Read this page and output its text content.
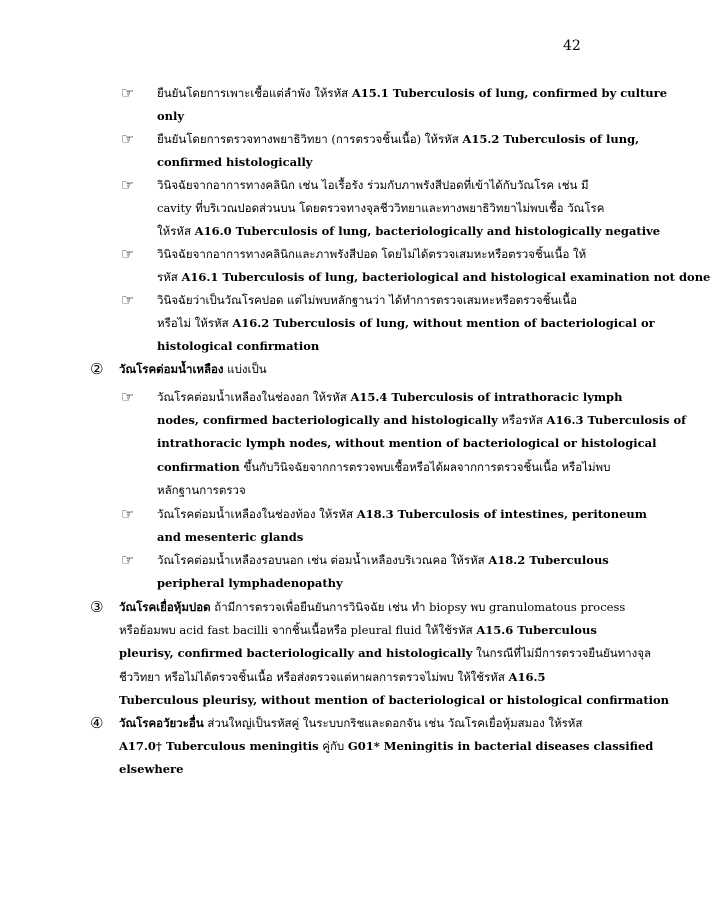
42
☞ ยืนยันโดยการเพาะเชื้อแต่ลำพัง ให้รหัส A15.1 Tuberculosis of lung, confirmed by culture
only
☞ ยืนยันโดยการตรวจทางพยาธิวิทยา (การตรวจชิ้นเนื้อ) ให้รหัส A15.2 Tuberculosis of lung,
confirmed histologically
☞ วินิจฉัยจากอาการทางคลินิก เช่น ไอเรื้อรัง ร่วมกับภาพรังสีปอดที่เข้าได้กับวัณโรค เช่น มี
cavity ที่บริเวณปอดส่วนบน โดยตรวจทางจุลชีววิทยาและทางพยาธิวิทยาไม่พบเชื้อ วัณโรค
ให้รหัส A16.0 Tuberculosis of lung, bacteriologically and histologically negative
☞ วินิจฉัยจากอาการทางคลินิกและภาพรังสีปอด โดยไม่ได้ตรวจเสมหะหรือตรวจชิ้นเนื้อ ให้
รหัส A16.1 Tuberculosis of lung, bacteriological and histological examination not done
☞ วินิจฉัยว่าเป็นวัณโรคปอด แต่ไม่พบหลักฐานว่า ได้ทำการตรวจเสมหะหรือตรวจชิ้นเนื้อ
หรือไม่ ให้รหัส A16.2 Tuberculosis of lung, without mention of bacteriological or
histological confirmation
② วัณโรคต่อมน้ำเหลือง แบ่งเป็น
☞ วัณโรคต่อมน้ำเหลืองในช่องอก ให้รหัส A15.4 Tuberculosis of intrathoracic lymph
nodes, confirmed bacteriologically and histologically หรือรหัส A16.3 Tuberculosis of
intrathoracic lymph nodes, without mention of bacteriological or histological
confirmation ขึ้นกับวินิจฉัยจากการตรวจพบเชื้อหรือได้ผลจากการตรวจชิ้นเนื้อ หรือไม่พบ
หลักฐานการตรวจ
☞ วัณโรคต่อมน้ำเหลืองในช่องท้อง ให้รหัส A18.3 Tuberculosis of intestines, peritoneum
and mesenteric glands
☞ วัณโรคต่อมน้ำเหลืองรอบนอก เช่น ต่อมน้ำเหลืองบริเวณคอ ให้รหัส A18.2 Tuberculous
peripheral lymphadenopathy
③ วัณโรคเยื่อหุ้มปอด ถ้ามีการตรวจเพื่อยืนยันการวินิจฉัย เช่น ทำ biopsy พบ granulomatous process
หรือย้อมพบ acid fast bacilli จากชิ้นเนื้อหรือ pleural fluid ให้ใช้รหัส A15.6 Tuberculous
pleurisy, confirmed bacteriologically and histologically ในกรณีที่ไม่มีการตรวจยืนยันทางจุล
ชีววิทยา หรือไม่ได้ตรวจชิ้นเนื้อ หรือส่งตรวจแต่หาผลการตรวจไม่พบ ให้ใช้รหัส A16.5
Tuberculous pleurisy, without mention of bacteriological or histological confirmation
④ วัณโรคอวัยวะอื่น ส่วนใหญ่เป็นรหัสคู่ ในระบบกริชและดอกจัน เช่น วัณโรคเยื่อหุ้มสมอง ให้รหัส
A17.0† Tuberculous meningitis คู่กับ G01* Meningitis in bacterial diseases classified
elsewhere
